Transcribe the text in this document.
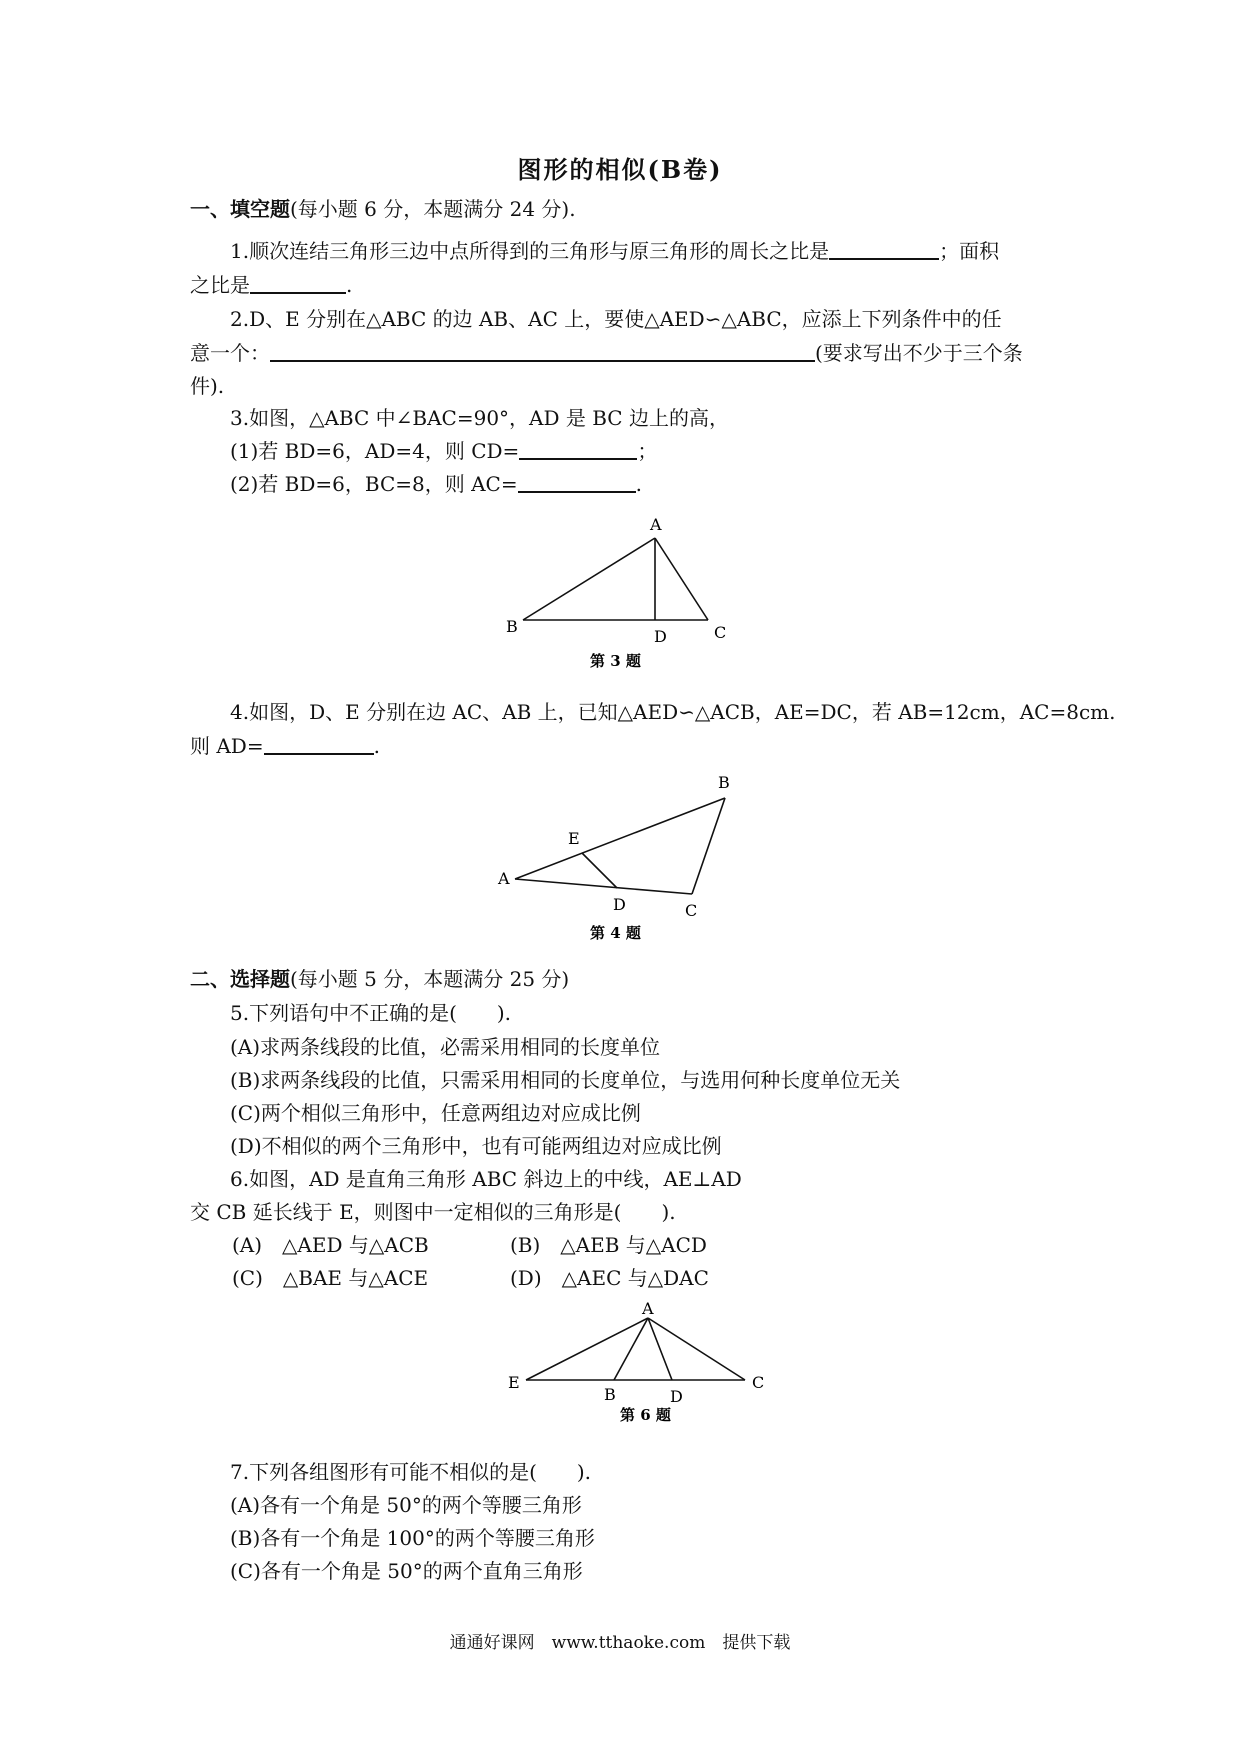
图形的相似(B卷)
一、填空题(每小题 6 分，本题满分 24 分).
1.顺次连结三角形三边中点所得到的三角形与原三角形的周长之比是	；面积
之比是	.
2.D、E 分别在△ABC 的边 AB、AC 上，要使△AED∽△ABC，应添上下列条件中的任
意一个：	(要求写出不少于三个条
件).
3.如图，△ABC 中∠BAC=90°，AD 是 BC 边上的高，
(1)若 BD=6，AD=4，则 CD=	；
(2)若 BD=6，BC=8，则 AC=	.
A
B
D	C
第 3 题
4.如图，D、E 分别在边 AC、AB 上，已知△AED∽△ACB，AE=DC，若 AB=12cm，AC=8cm.
则 AD=	.
B
E
A
D	C
第 4 题
二、选择题(每小题 5 分，本题满分 25 分)
5.下列语句中不正确的是(　　).
(A)求两条线段的比值，必需采用相同的长度单位
(B)求两条线段的比值，只需采用相同的长度单位，与选用何种长度单位无关
(C)两个相似三角形中，任意两组边对应成比例
(D)不相似的两个三角形中，也有可能两组边对应成比例
6.如图，AD 是直角三角形 ABC 斜边上的中线，AE⊥AD
交 CB 延长线于 E，则图中一定相似的三角形是(　　).
(A)　△AED 与△ACB	(B)　△AEB 与△ACD
(C)　△BAE 与△ACE	(D)　△AEC 与△DAC
A
E
B	D
C
第 6 题
7.下列各组图形有可能不相似的是(　　).
(A)各有一个角是 50°的两个等腰三角形
(B)各有一个角是 100°的两个等腰三角形
(C)各有一个角是 50°的两个直角三角形
通通好课网　www.tthaoke.com　提供下载
